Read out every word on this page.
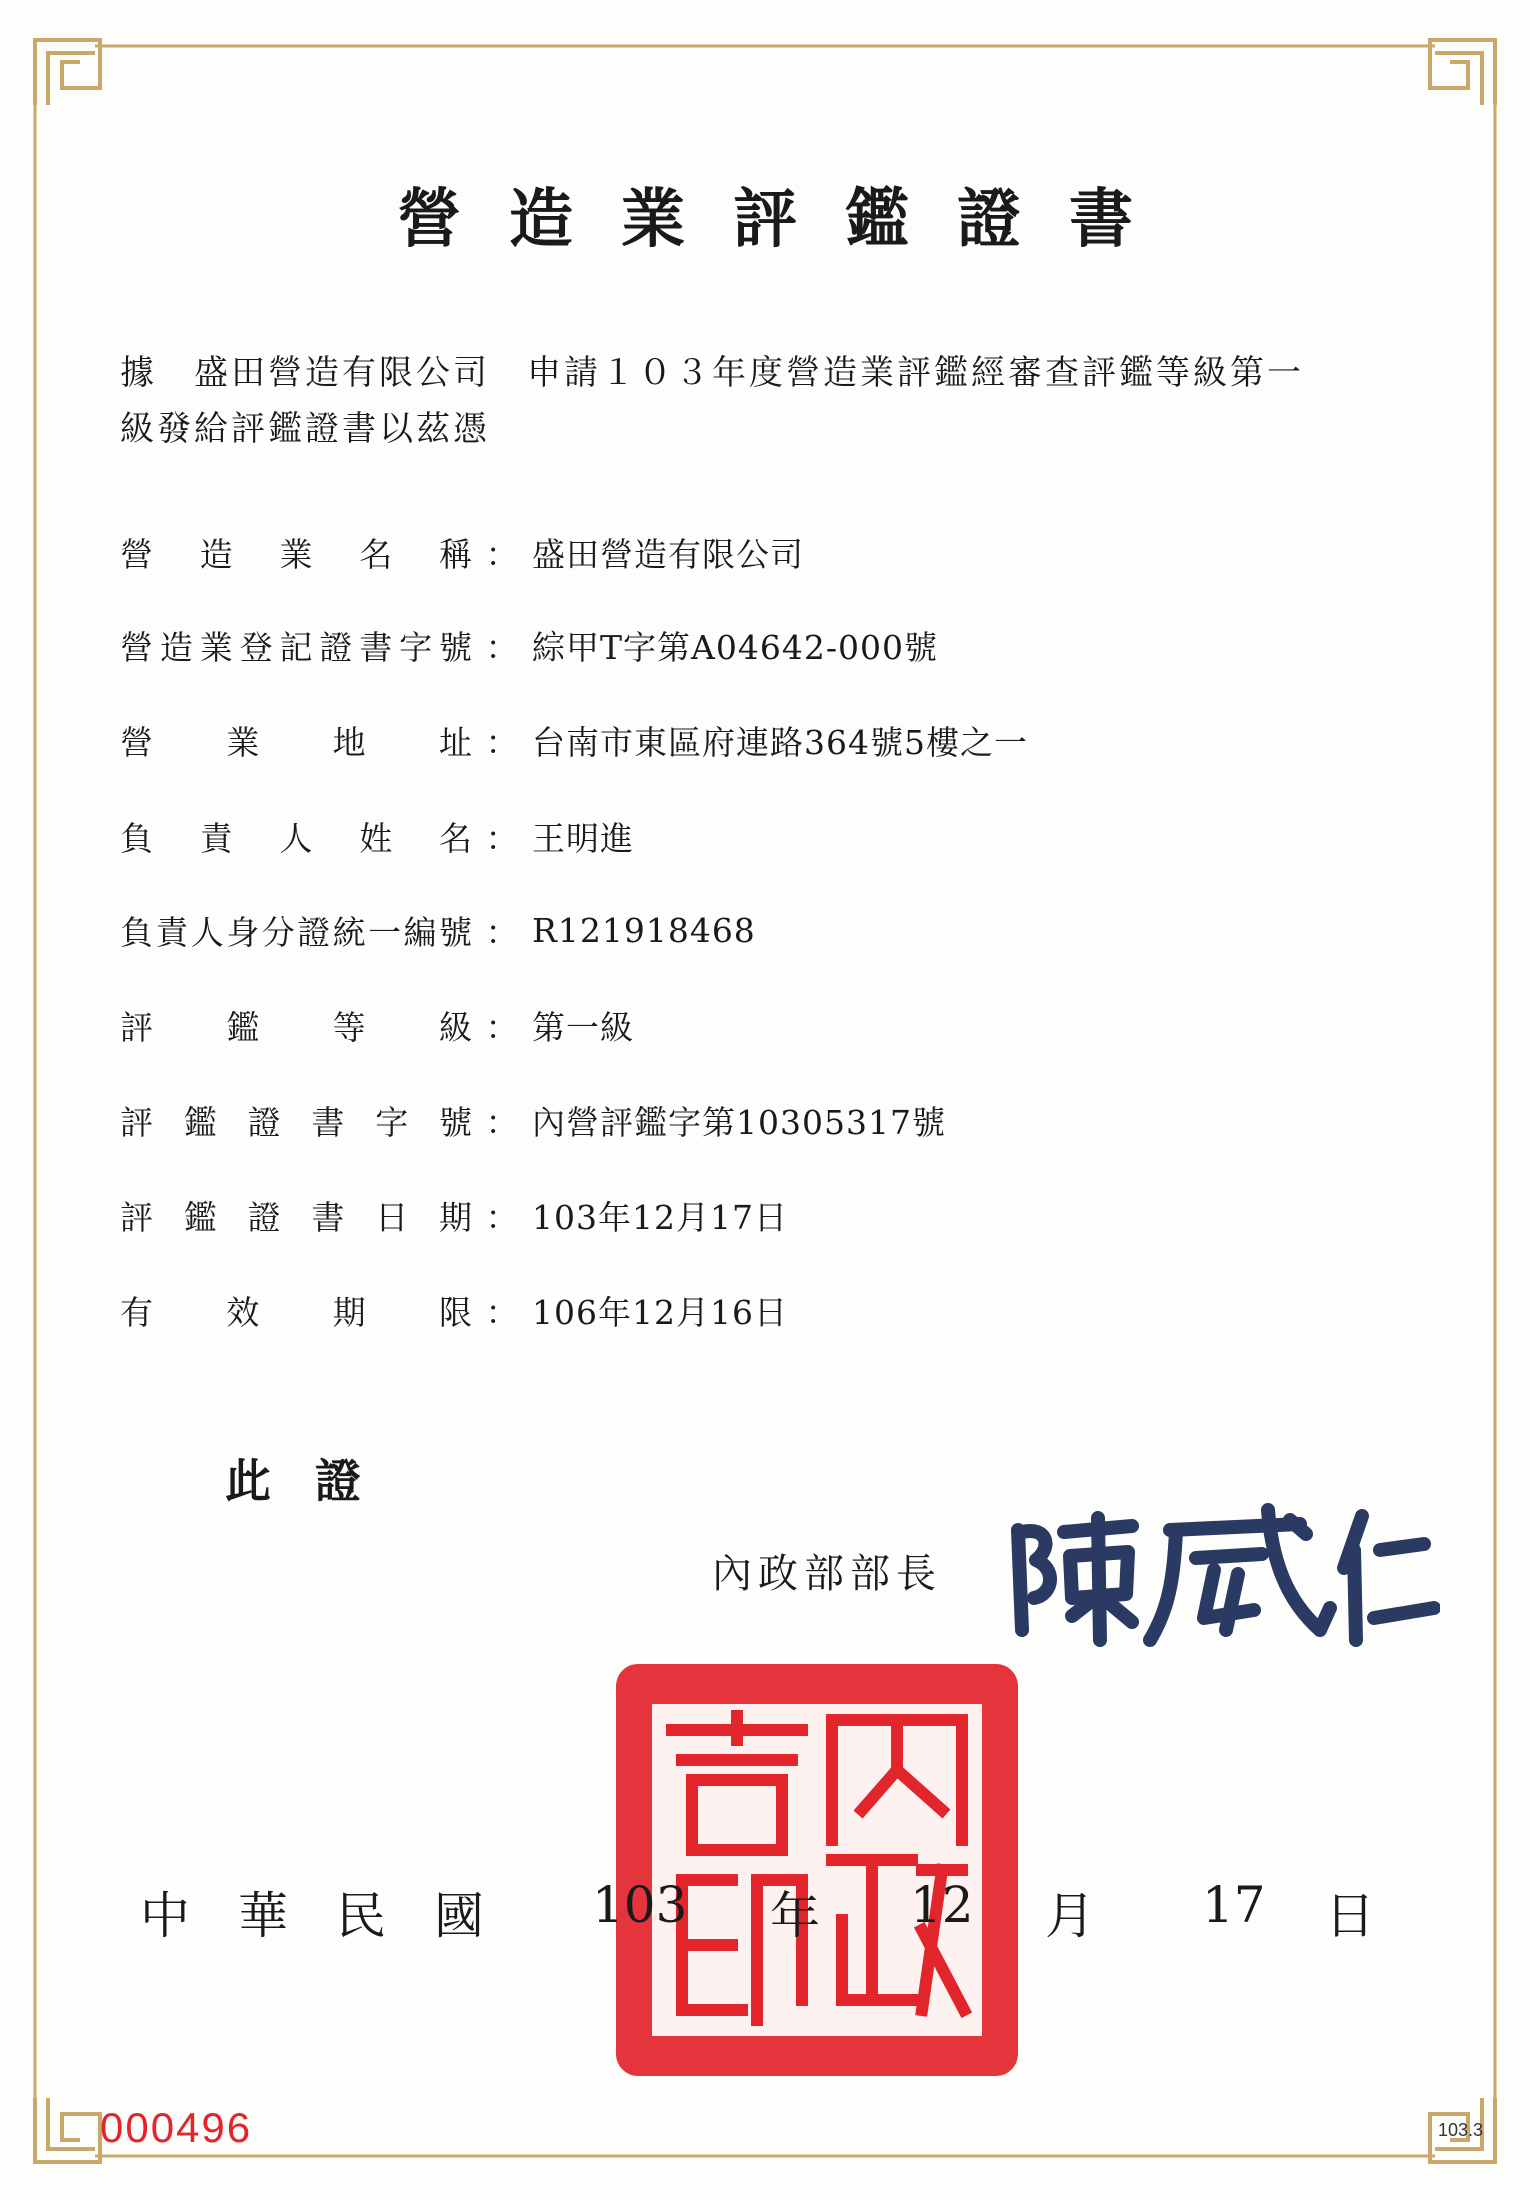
營造業評鑑證書
據　盛田營造有限公司　申請１０３年度營造業評鑑經審查評鑑等級第一
級發給評鑑證書以茲憑
營 造 業 名 稱 ： 盛田營造有限公司
營 造 業 登 記 證 書 字 號 ： 綜甲T字第A04642-000號
營 業 地 址 ： 台南市東區府連路364號5樓之一
負 責 人 姓 名 ： 王明進
負 責 人 身 分 證 統 一 編 號 ： R121918468
評 鑑 等 級 ： 第一級
評 鑑 證 書 字 號 ： 內營評鑑字第10305317號
評 鑑 證 書 日 期 ： 103年12月17日
有 效 期 限 ： 106年12月16日
此證
內政部部長
中華民國 103 年 12 月 17 日
000496	103.3
